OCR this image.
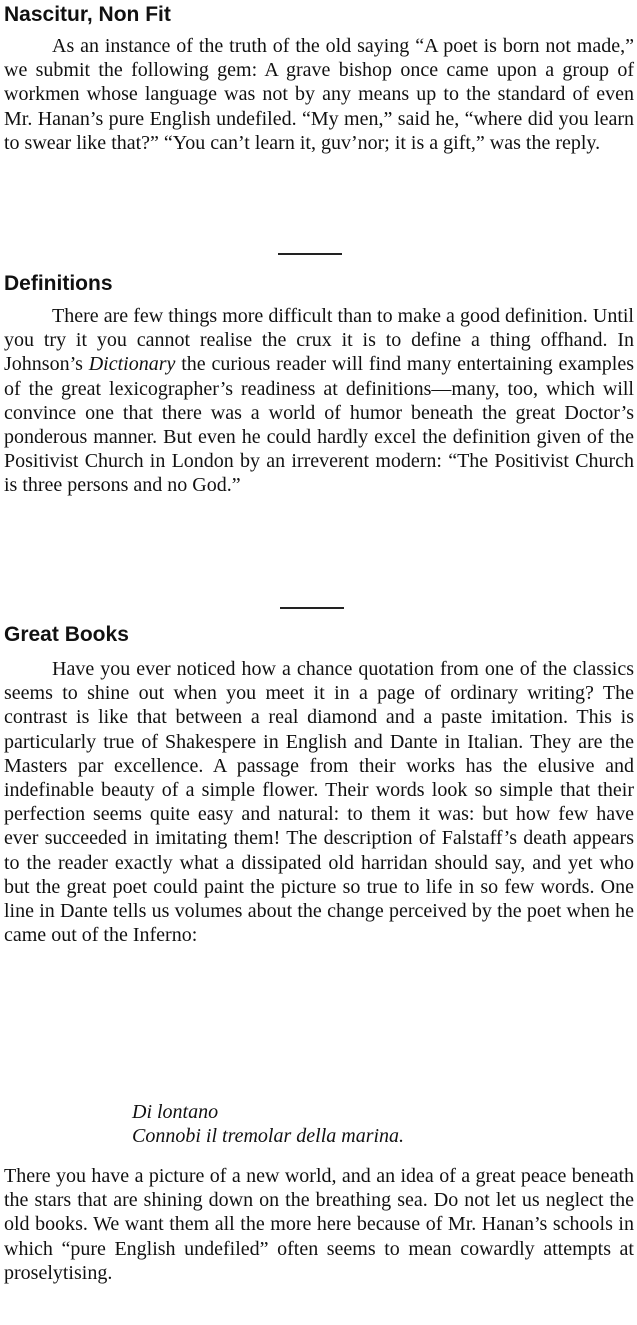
Nascitur, Non Fit

As an instance of the truth of the old saying “A poet is born not made,” we submit the following gem: A grave bishop once came upon a group of workmen whose language was not by any means up to the standard of even Mr. Hanan’s pure English undefiled. “My men,” said he, “where did you learn to swear like that?” “You can’t learn it, guv’nor; it is a gift,” was the reply.

Definitions

There are few things more difficult than to make a good definition. Until you try it you cannot realise the crux it is to define a thing offhand. In Johnson’s Dictionary the curious reader will find many entertaining examples of the great lexicographer’s readiness at definitions—many, too, which will convince one that there was a world of humor beneath the great Doctor’s ponderous manner. But even he could hardly excel the definition given of the Positivist Church in London by an irreverent modern: “The Positivist Church is three persons and no God.”

Great Books

Have you ever noticed how a chance quotation from one of the classics seems to shine out when you meet it in a page of ordinary writing? The contrast is like that between a real diamond and a paste imitation. This is particularly true of Shakespere in English and Dante in Italian. They are the Masters par excellence. A passage from their works has the elusive and indefinable beauty of a simple flower. Their words look so simple that their perfection seems quite easy and natural: to them it was: but how few have ever succeeded in imitating them! The description of Falstaff’s death appears to the reader exactly what a dissipated old harridan should say, and yet who but the great poet could paint the picture so true to life in so few words. One line in Dante tells us volumes about the change perceived by the poet when he came out of the Inferno:

Di lontano

Connobi il tremolar della marina.

There you have a picture of a new world, and an idea of a great peace beneath the stars that are shining down on the breathing sea. Do not let us neglect the old books. We want them all the more here because of Mr. Hanan’s schools in which “pure English undefiled” often seems to mean cowardly attempts at proselytising.
